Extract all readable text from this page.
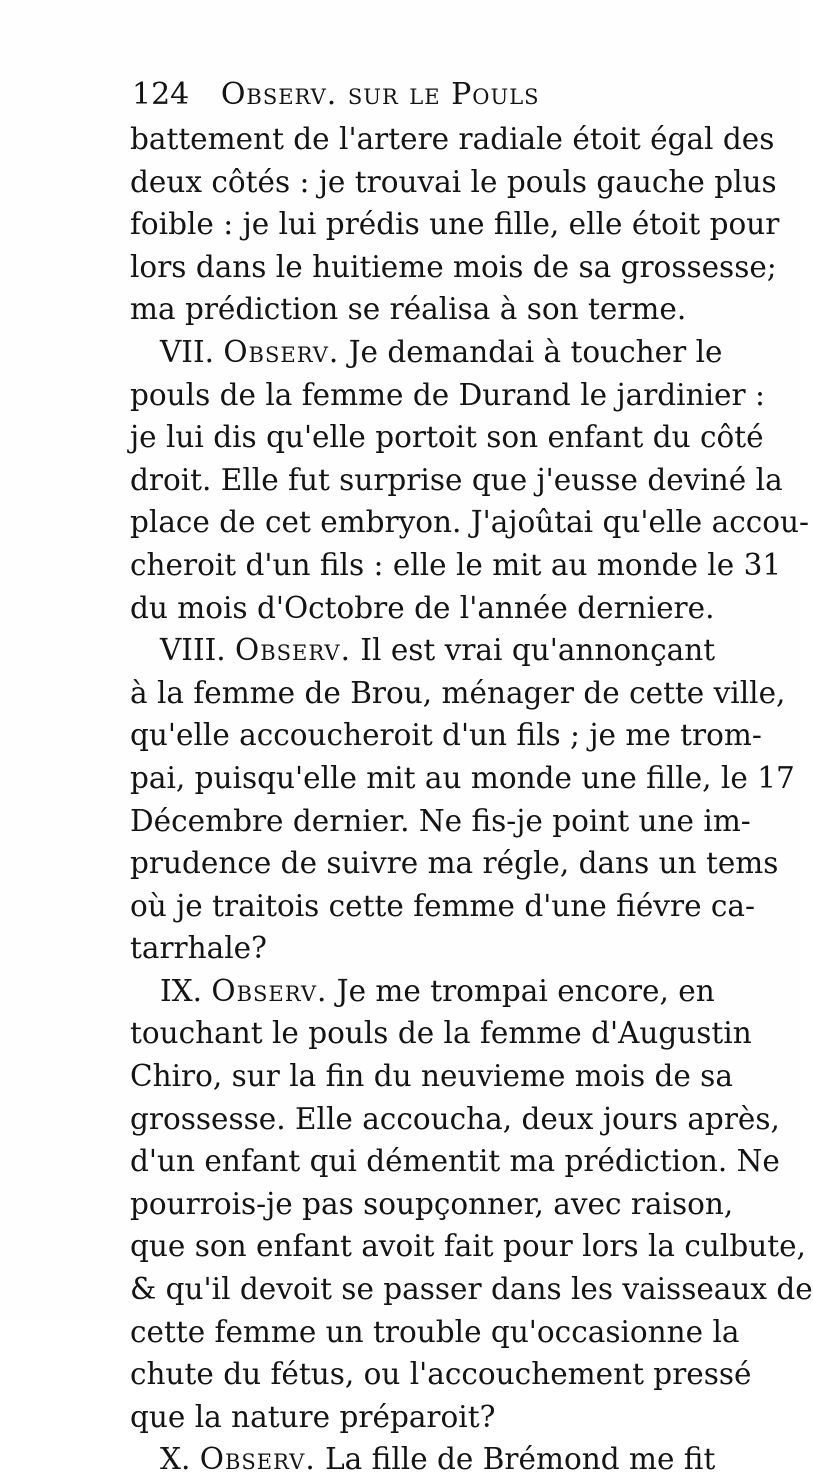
124 Observ. sur le Pouls
battement de l'artere radiale étoit égal des
deux côtés : je trouvai le pouls gauche plus
foible : je lui prédis une fille, elle étoit pour
lors dans le huitieme mois de sa grossesse;
ma prédiction se réalisa à son terme.
VII. Observ. Je demandai à toucher le
pouls de la femme de Durand le jardinier :
je lui dis qu'elle portoit son enfant du côté
droit. Elle fut surprise que j'eusse deviné la
place de cet embryon. J'ajoûtai qu'elle accou-
cheroit d'un fils : elle le mit au monde le 31
du mois d'Octobre de l'année derniere.
VIII. Observ. Il est vrai qu'annonçant
à la femme de Brou, ménager de cette ville,
qu'elle accoucheroit d'un fils ; je me trom-
pai, puisqu'elle mit au monde une fille, le 17
Décembre dernier. Ne fis-je point une im-
prudence de suivre ma régle, dans un tems
où je traitois cette femme d'une fiévre ca-
tarrhale?
IX. Observ. Je me trompai encore, en
touchant le pouls de la femme d'Augustin
Chiro, sur la fin du neuvieme mois de sa
grossesse. Elle accoucha, deux jours après,
d'un enfant qui démentit ma prédiction. Ne
pourrois-je pas soupçonner, avec raison,
que son enfant avoit fait pour lors la culbute,
& qu'il devoit se passer dans les vaisseaux de
cette femme un trouble qu'occasionne la
chute du fétus, ou l'accouchement pressé
que la nature préparoit?
X. Observ. La fille de Brémond me fit
